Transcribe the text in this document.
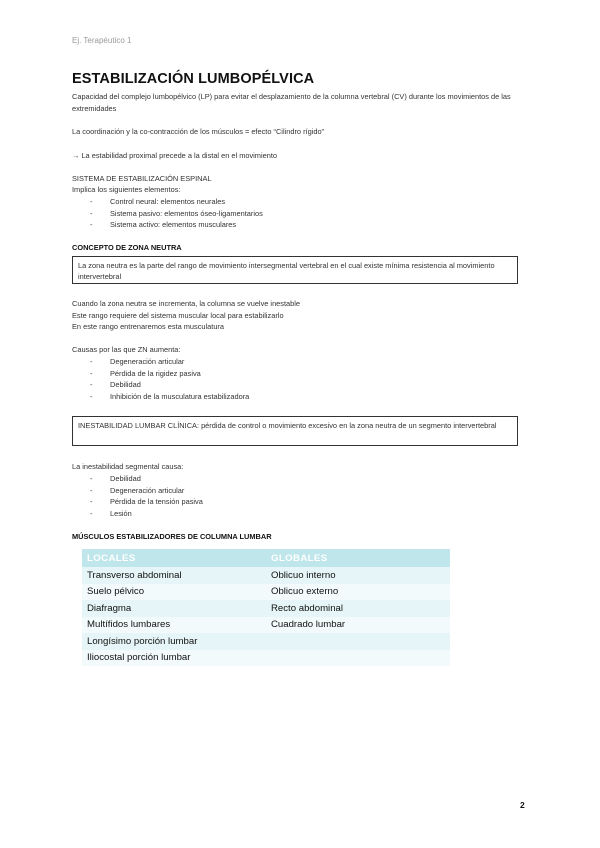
Ej. Terapéutico 1
ESTABILIZACIÓN LUMBOPÉLVICA
Capacidad del complejo lumbopélvico (LP) para evitar el desplazamiento de la columna vertebral (CV) durante los movimientos de las extremidades
La coordinación y la co-contracción de los músculos = efecto “Cilindro rígido”
→ La estabilidad proximal precede a la distal en el movimiento
SISTEMA DE ESTABILIZACIÓN ESPINAL
Implica los siguientes elementos:
- Control neural: elementos neurales
- Sistema pasivo: elementos óseo-ligamentarios
- Sistema activo: elementos musculares
CONCEPTO DE ZONA NEUTRA
La zona neutra es la parte del rango de movimiento intersegmental vertebral en el cual existe mínima resistencia al movimiento intervertebral
Cuando la zona neutra se incrementa, la columna se vuelve inestable
Este rango requiere del sistema muscular local para estabilizarlo
En este rango entrenaremos esta musculatura
Causas por las que ZN aumenta:
- Degeneración articular
- Pérdida de la rigidez pasiva
- Debilidad
- Inhibición de la musculatura estabilizadora
INESTABILIDAD LUMBAR CLÍNICA: pérdida de control o movimiento excesivo en la zona neutra de un segmento intervertebral
La inestabilidad segmental causa:
- Debilidad
- Degeneración articular
- Pérdida de la tensión pasiva
- Lesión
MÚSCULOS ESTABILIZADORES DE COLUMNA LUMBAR
LOCALES	GLOBALES
Transverso abdominal	Oblicuo interno
Suelo pélvico	Oblicuo externo
Diafragma	Recto abdominal
Multífidos lumbares	Cuadrado lumbar
Longísimo porción lumbar	
Iliocostal porción lumbar	
2
